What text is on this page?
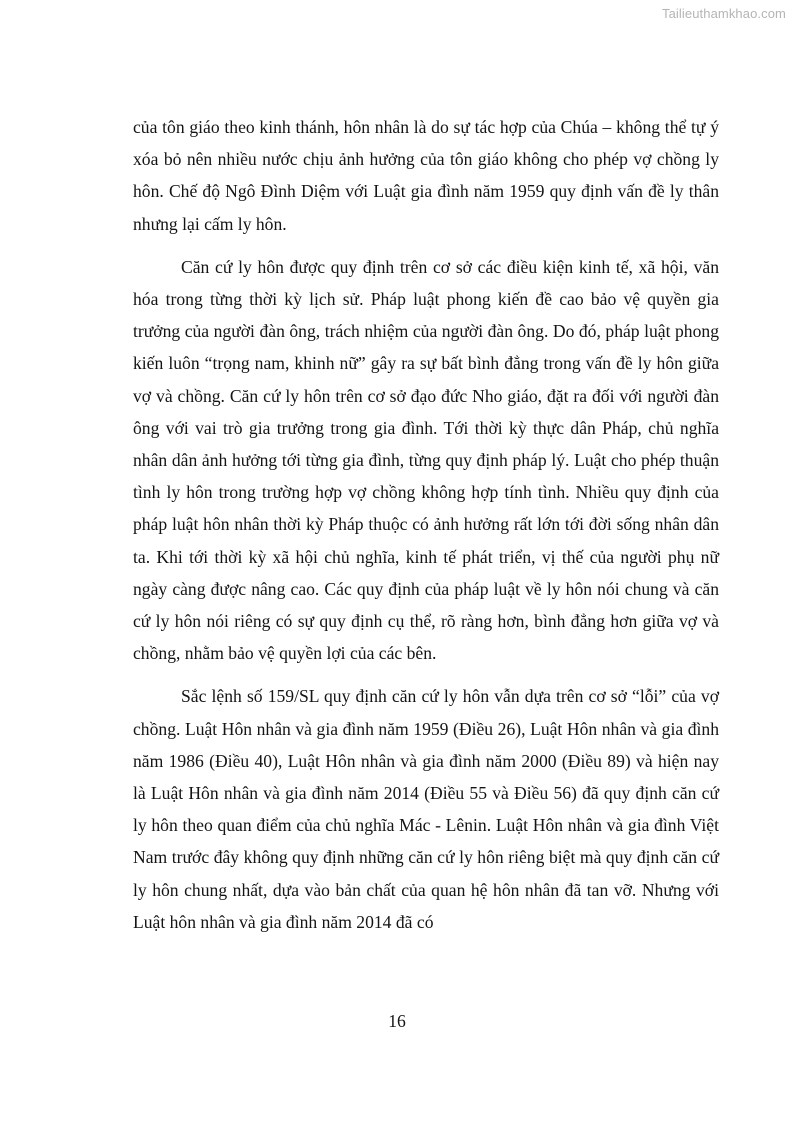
Tailieuthamkhao.com

của tôn giáo theo kinh thánh, hôn nhân là do sự tác hợp của Chúa – không thể tự ý xóa bỏ nên nhiều nước chịu ảnh hưởng của tôn giáo không cho phép vợ chồng ly hôn. Chế độ Ngô Đình Diệm với Luật gia đình năm 1959 quy định vấn đề ly thân nhưng lại cấm ly hôn.

Căn cứ ly hôn được quy định trên cơ sở các điều kiện kinh tế, xã hội, văn hóa trong từng thời kỳ lịch sử. Pháp luật phong kiến đề cao bảo vệ quyền gia trưởng của người đàn ông, trách nhiệm của người đàn ông. Do đó, pháp luật phong kiến luôn “trọng nam, khinh nữ” gây ra sự bất bình đẳng trong vấn đề ly hôn giữa vợ và chồng. Căn cứ ly hôn trên cơ sở đạo đức Nho giáo, đặt ra đối với người đàn ông với vai trò gia trưởng trong gia đình. Tới thời kỳ thực dân Pháp, chủ nghĩa nhân dân ảnh hưởng tới từng gia đình, từng quy định pháp lý. Luật cho phép thuận tình ly hôn trong trường hợp vợ chồng không hợp tính tình. Nhiều quy định của pháp luật hôn nhân thời kỳ Pháp thuộc có ảnh hưởng rất lớn tới đời sống nhân dân ta. Khi tới thời kỳ xã hội chủ nghĩa, kinh tế phát triển, vị thế của người phụ nữ ngày càng được nâng cao. Các quy định của pháp luật về ly hôn nói chung và căn cứ ly hôn nói riêng có sự quy định cụ thể, rõ ràng hơn, bình đẳng hơn giữa vợ và chồng, nhằm bảo vệ quyền lợi của các bên.

Sắc lệnh số 159/SL quy định căn cứ ly hôn vẫn dựa trên cơ sở “lỗi” của vợ chồng. Luật Hôn nhân và gia đình năm 1959 (Điều 26), Luật Hôn nhân và gia đình năm 1986 (Điều 40), Luật Hôn nhân và gia đình năm 2000 (Điều 89) và hiện nay là Luật Hôn nhân và gia đình năm 2014 (Điều 55 và Điều 56) đã quy định căn cứ ly hôn theo quan điểm của chủ nghĩa Mác - Lênin. Luật Hôn nhân và gia đình Việt Nam trước đây không quy định những căn cứ ly hôn riêng biệt mà quy định căn cứ ly hôn chung nhất, dựa vào bản chất của quan hệ hôn nhân đã tan vỡ. Nhưng với Luật hôn nhân và gia đình năm 2014 đã có

16
